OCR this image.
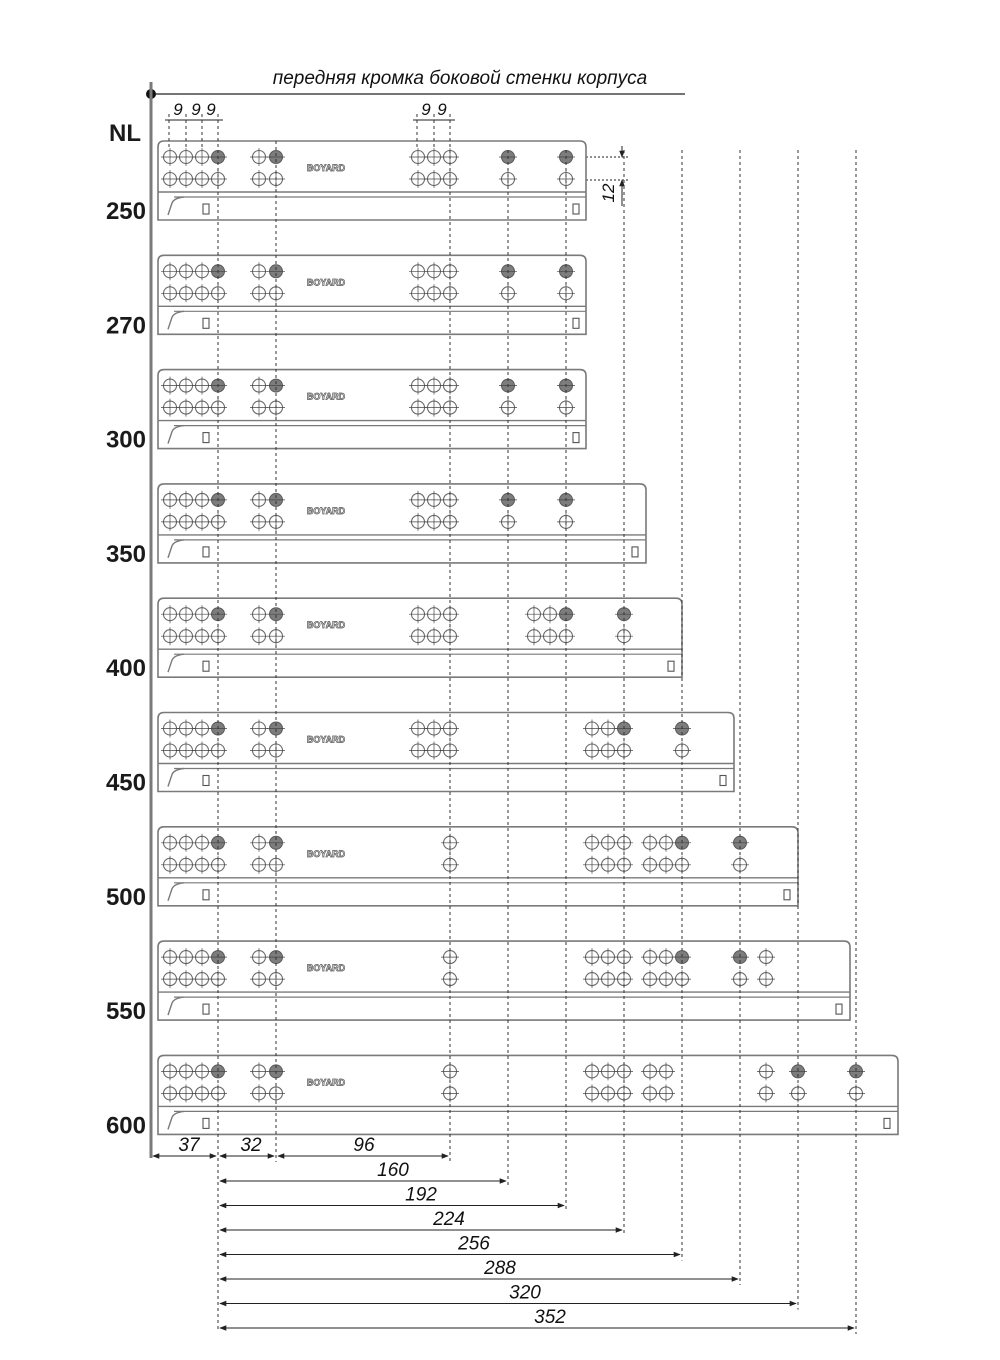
передняя кромка боковой стенки корпуса
NL
9 9 9	9 9
12
BOYARD
250
BOYARD
270
BOYARD
300
BOYARD
350
BOYARD
400
BOYARD
450
BOYARD
500
BOYARD
550
BOYARD
600
37 32	96
160
192
224
256
288
320
352
